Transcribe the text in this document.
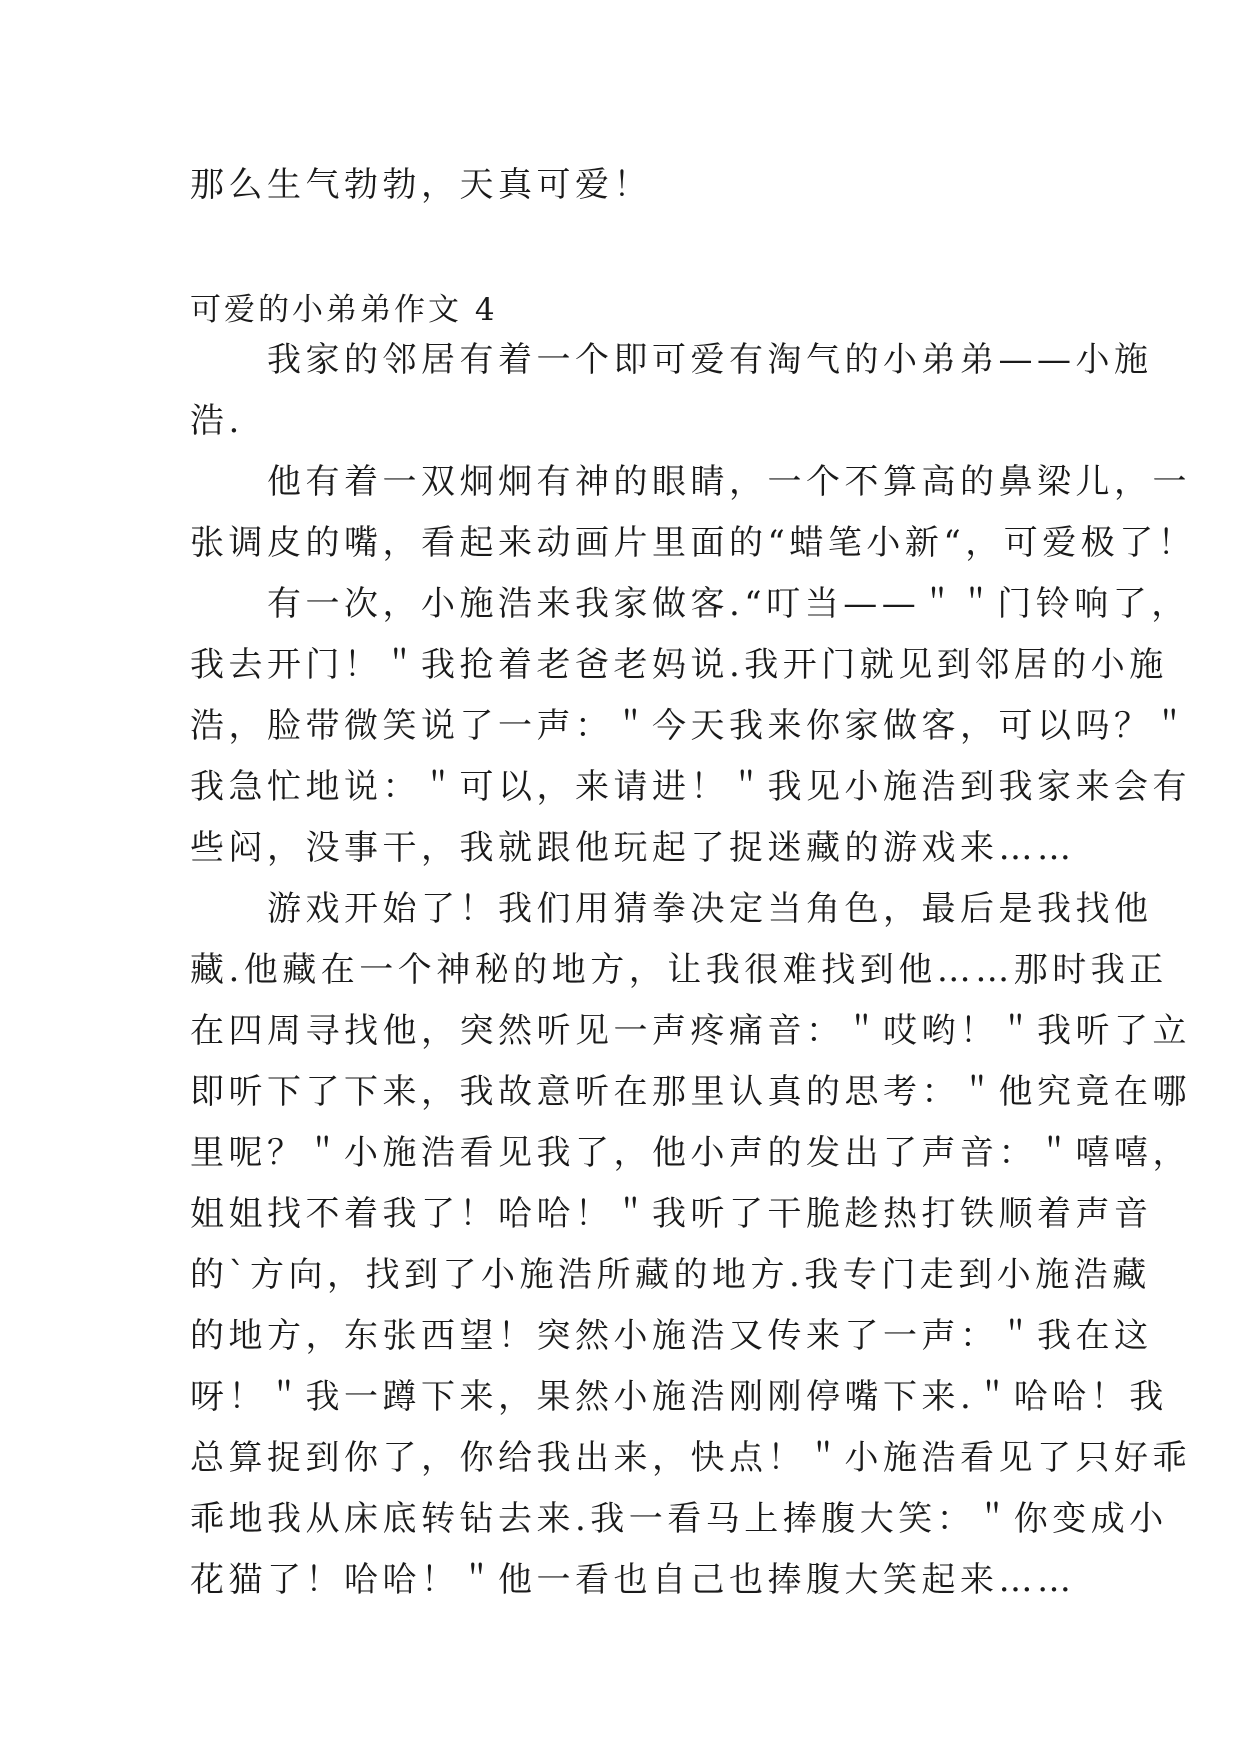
那么生气勃勃，天真可爱！

可爱的小弟弟作文 4

　　我家的邻居有着一个即可爱有淘气的小弟弟——小施
浩.
　　他有着一双炯炯有神的眼睛，一个不算高的鼻梁儿，一
张调皮的嘴，看起来动画片里面的“蜡笔小新“，可爱极了！
　　有一次，小施浩来我家做客.“叮当——＂＂门铃响了，
我去开门！＂我抢着老爸老妈说.我开门就见到邻居的小施
浩，脸带微笑说了一声：＂今天我来你家做客，可以吗？＂
我急忙地说：＂可以，来请进！＂我见小施浩到我家来会有
些闷，没事干，我就跟他玩起了捉迷藏的游戏来……
　　游戏开始了！我们用猜拳决定当角色，最后是我找他
藏.他藏在一个神秘的地方，让我很难找到他……那时我正
在四周寻找他，突然听见一声疼痛音：＂哎哟！＂我听了立
即听下了下来，我故意听在那里认真的思考：＂他究竟在哪
里呢？＂小施浩看见我了，他小声的发出了声音：＂嘻嘻，
姐姐找不着我了！哈哈！＂我听了干脆趁热打铁顺着声音
的`方向，找到了小施浩所藏的地方.我专门走到小施浩藏
的地方，东张西望！突然小施浩又传来了一声：＂我在这
呀！＂我一蹲下来，果然小施浩刚刚停嘴下来.＂哈哈！我
总算捉到你了，你给我出来，快点！＂小施浩看见了只好乖
乖地我从床底转钻去来.我一看马上捧腹大笑：＂你变成小
花猫了！哈哈！＂他一看也自己也捧腹大笑起来……
